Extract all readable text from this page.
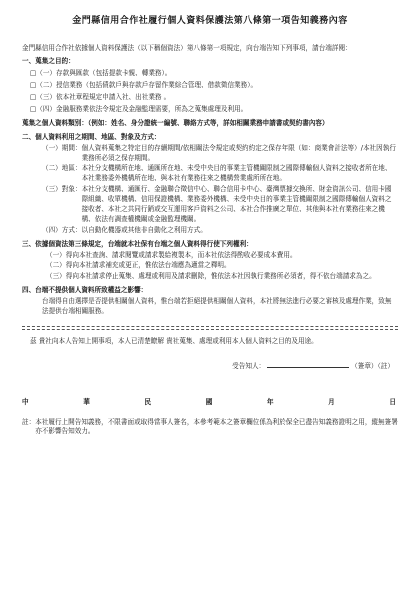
金門縣信用合作社履行個人資料保護法第八條第一項告知義務內容
金門縣信用合作社依據個人資料保護法（以下稱個資法）第八條第一項規定，向台端告知下列事項，請台端詳閱：
一、蒐集之目的：
□（一）存款與匯款（包括提款卡親、轉業務）。
□（二）授信業務（包括債款戶與存款戶存留作業綜合管理、借款徵信業務）。
□（三）依本社章程規定申請入社、出社業務 。
□（四）金融服務業依法令規定及金融監理需要，所為之蒐集處理及利用。
蒐集之個人資料類別：（例如：姓名、身分證統一編號、聯絡方式等，詳如相關業務申請書或契約書內容）
二、個人資料利用之期間、地區、對象及方式：
（一）期間： 個人資料蒐集之特定目的存續期間/依相關法令規定或契約約定之保存年限（如：商業會計法等）/本社因執行業務所必須之保存期間。
（二）地區： 本社分支機構所在地、通匯所在地、未受中央目的事業主管機關限制之國際傳輸個人資料之接收者所在地、本社業務委外機構所在地、與本社有業務往來之機構營業處所所在地。
（三）對象： 本社分支機構、通匯行、金融聯合徵信中心、聯合信用卡中心、臺灣票據交換所、財金資訊公司、信用卡國際組織、收單機構、信用保證機構、業務委外機構、未受中央目的事業主管機關限制之國際傳輸個人資料之接收者、本社之共同行銷或交互運用客戶資料之公司、本社合作推廣之單位、其他與本社有業務往來之機構、依法有調查權機關或金融監理機關。
（四）方式：以自動化機器或其他非自動化之利用方式。
三、依據個資法第三條規定，台端就本社保有台端之個人資料得行使下列權利：
（一） 得向本社查詢、請求閱覽或請求製給複製本，而本社依法得酌收必要成本費用。
（二）得向本社請求補充或更正，惟依法台端應為適當之釋明。
（三） 得向本社請求停止蒐集、處理或利用及請求刪除，惟依法本社因執行業務所必須者，得不依台端請求為之。
四、台端不提供個人資料所致權益之影響：
台端得自由選擇是否提供相關個人資料，惟台端若拒絕提供相關個人資料，本社將無法進行必要之審核及處理作業，致無法提供台端相關服務。
茲 貴社向本人告知上開事項，本人已清楚瞭解 貴社蒐集、處理或利用本人個人資料之目的及用途。
受告知人：	（簽章）（註）
中	華	民	國	年	月	日
註： 本社履行上開告知義務，不限書面或取得當事人簽名，本參考範本之簽章欄位係為利於保全已盡告知義務證明之用，縱無簽署亦不影響告知效力。
